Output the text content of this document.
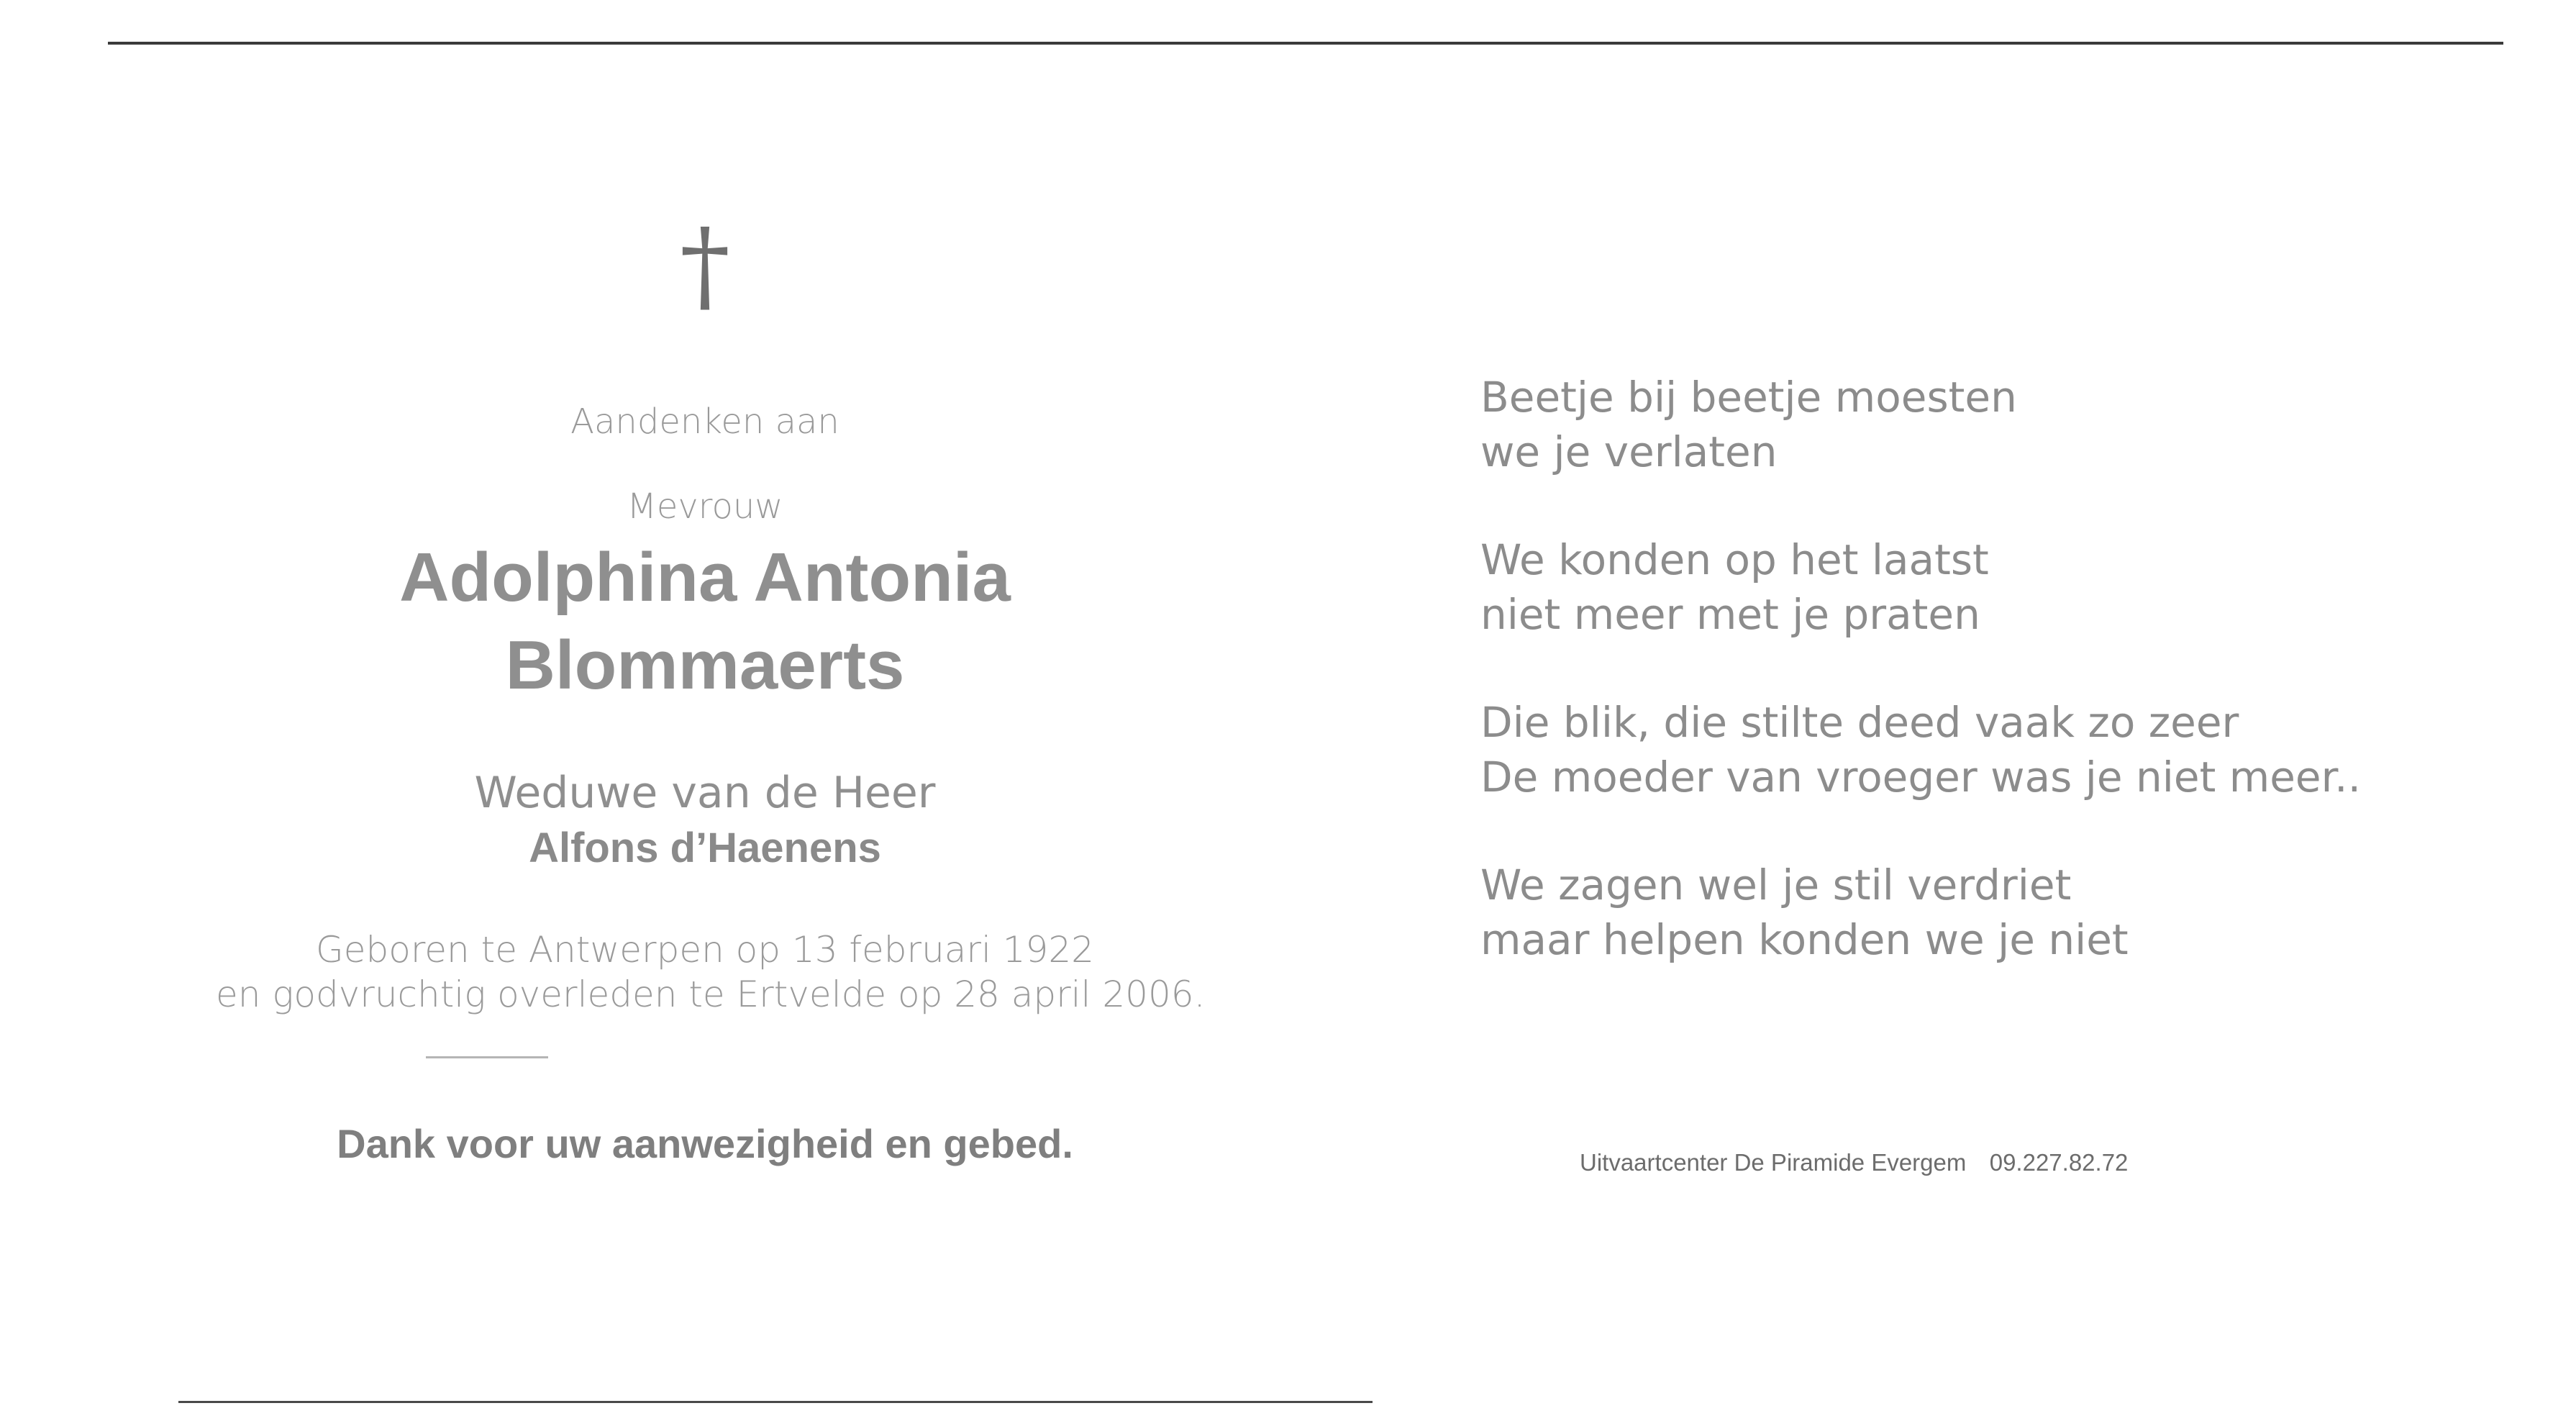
†
Aandenken aan
Mevrouw
Adolphina Antonia
Blommaerts
Weduwe van de Heer
Alfons d’Haenens
Geboren te Antwerpen op 13 februari 1922
en godvruchtig overleden te Ertvelde op 28 april 2006.
Dank voor uw aanwezigheid en gebed.
Beetje bij beetje moesten
we je verlaten
We konden op het laatst
niet meer met je praten
Die blik, die stilte deed vaak zo zeer
De moeder van vroeger was je niet meer..
We zagen wel je stil verdriet
maar helpen konden we je niet
Uitvaartcenter De Piramide Evergem 09.227.82.72
